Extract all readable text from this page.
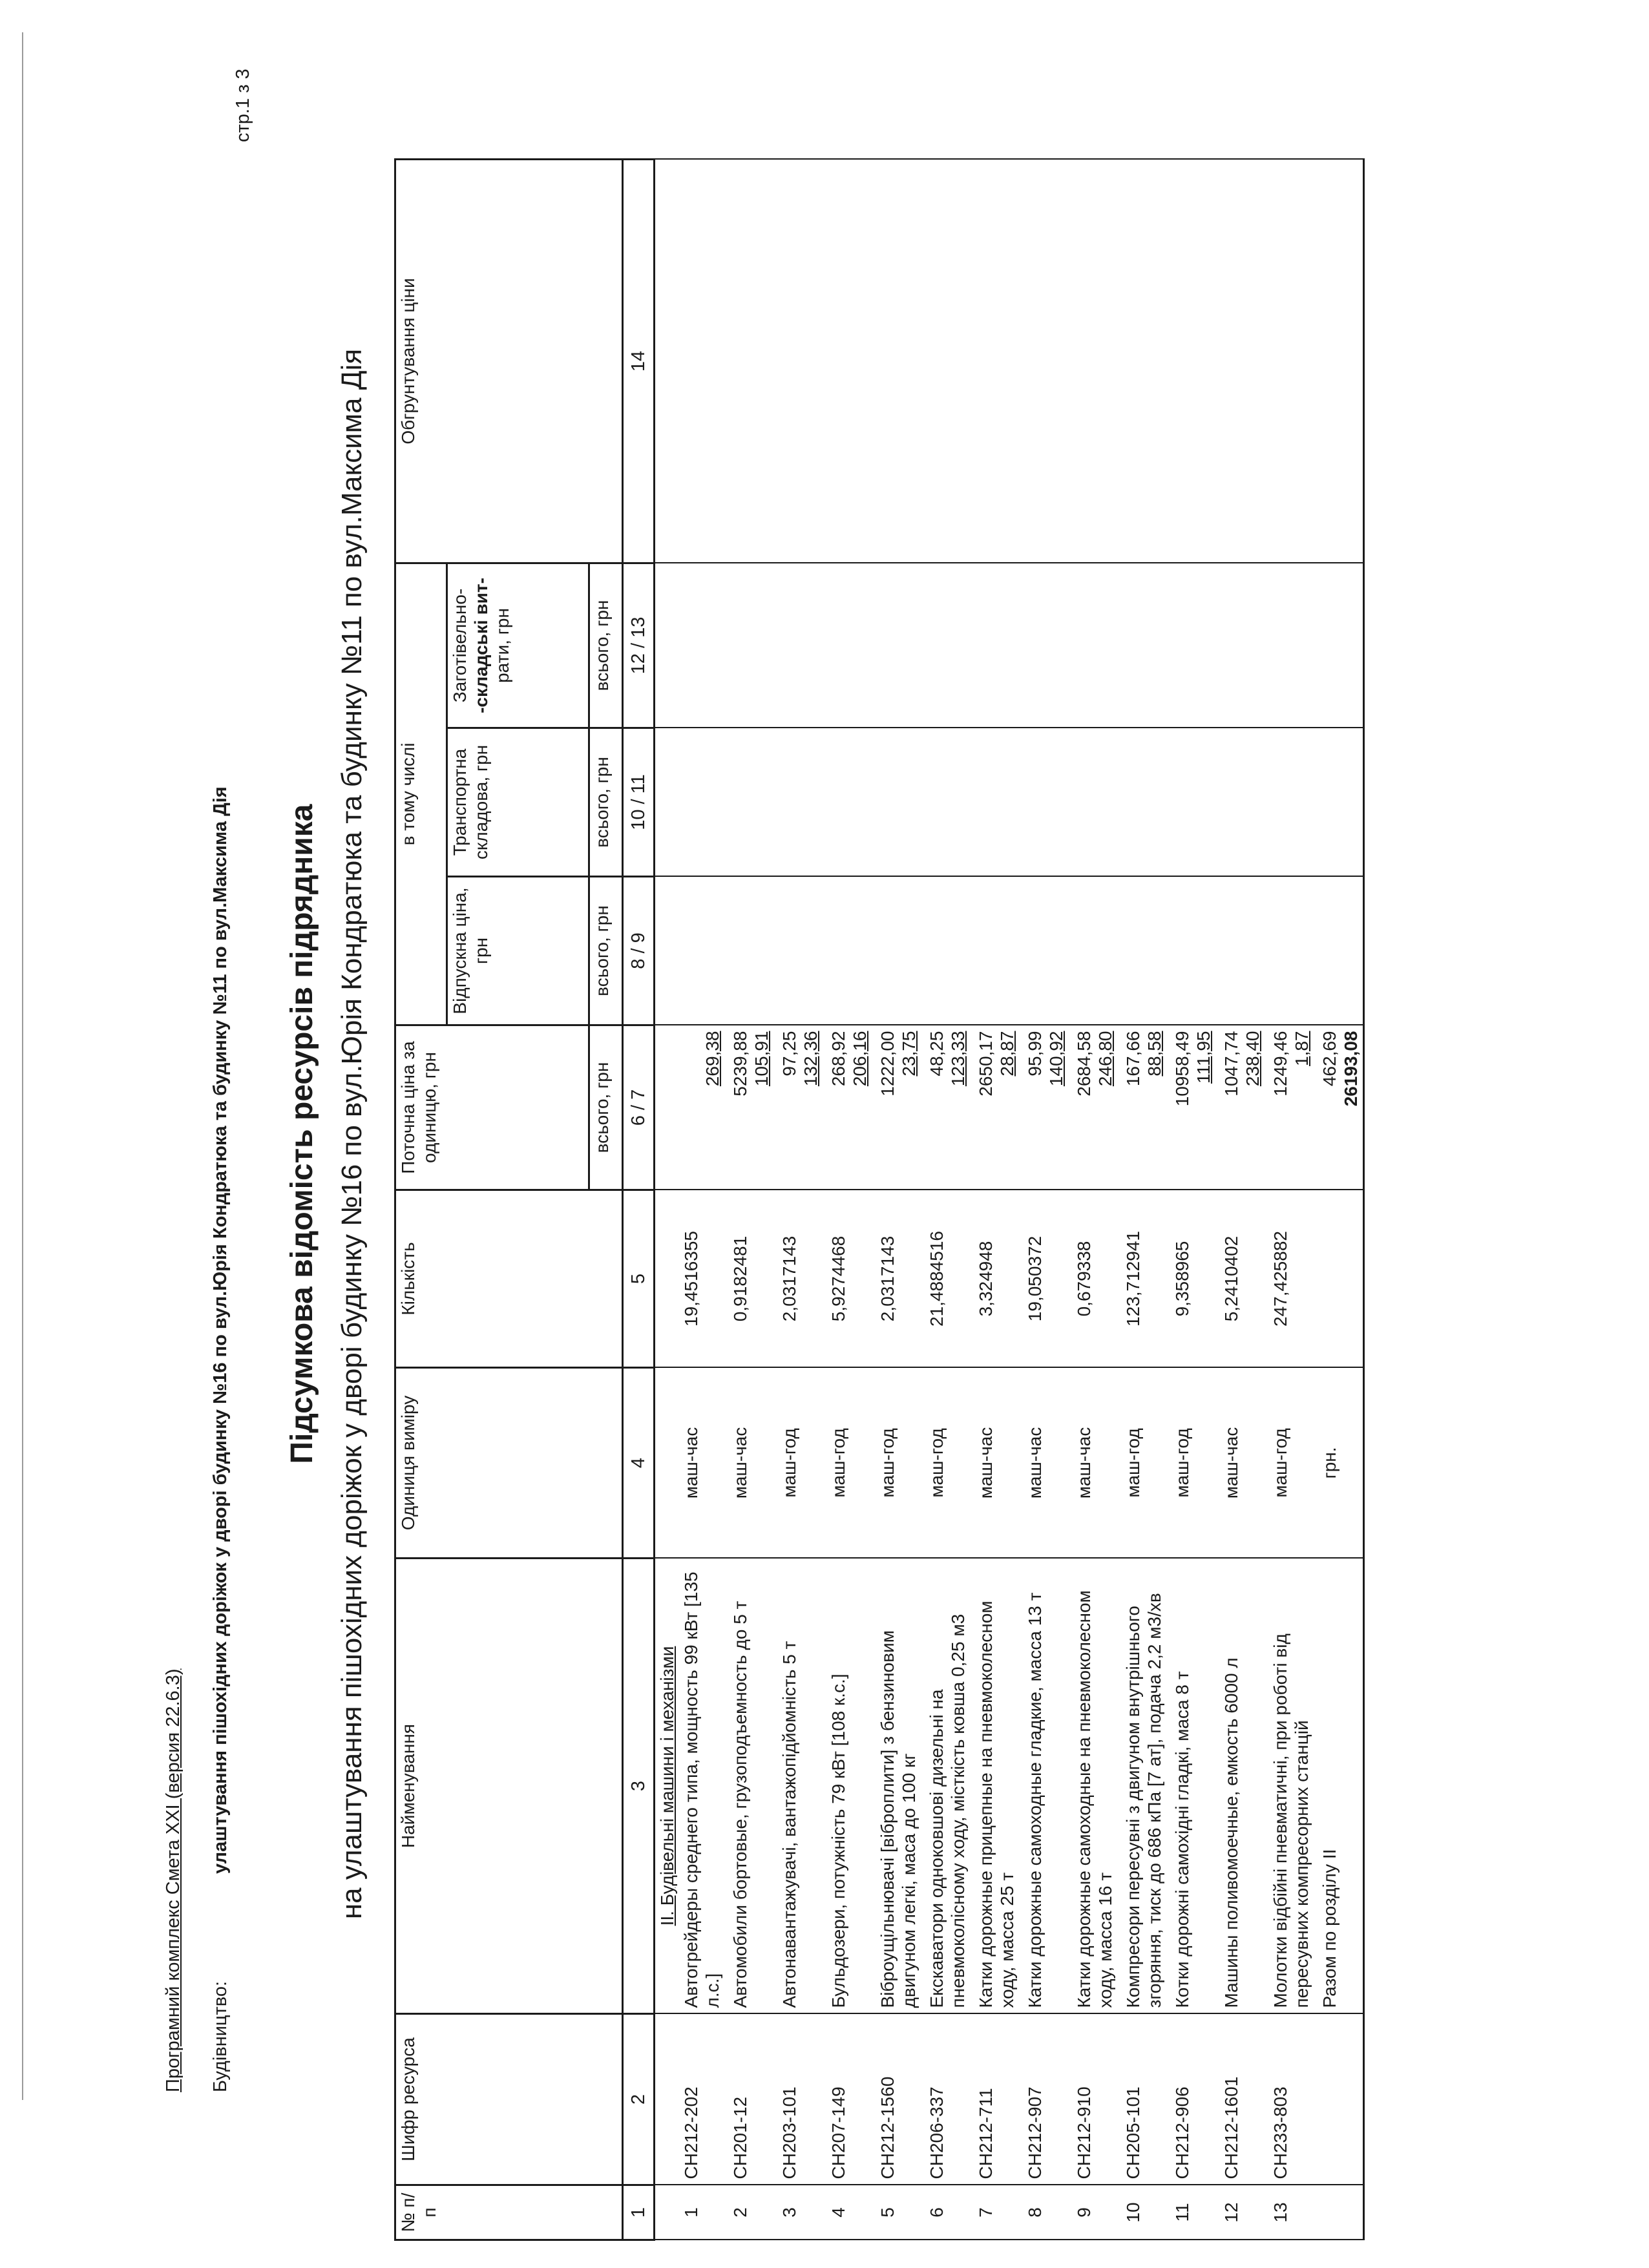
Програмний комплекс Смета ХХІ (версия 22.6.3)
стр.1 з 3
Будівництво:
улаштування пішохідних доріжок у дворі будинку №16 по вул.Юрія Кондратюка та будинку №11 по вул.Максима Дія Підсумкова відомість ресурсів підрядника на улаштування пішохідних доріжок у дворі будинку №16 по вул.Юрія Кондратюка та будинку №11 по вул.Максима Дія
№ п/п	Шифр ресурса	Найменування	Одиниця виміру	Кількість	Поточна ціна за одиницю, грн	в тому числі			Обгрунтування ціни	
						Відпускна ціна, грн	Транспортна складова, грн	Заготівельно-
-складські вит-
рати, грн		
					всього, грн	всього, грн	всього, грн	всього, грн		
1	2	3	4	5	6 / 7	8 / 9	10 / 11	12 / 13	14	
		II. Будівельні машини і механізми								
1	СН212-202	Автогрейдеры среднего типа, мощность 99 кВт [135 л.с.]	маш-час	19,4516355	269,38					

2	СН201-12	Автомобили бортовые, грузоподъемность до 5 т	маш-час	0,9182481	5239,88 105,91					

3	СН203-101	Автонавантажувачі, вантажопідйомність 5 т	маш-год	2,0317143	97,25 132,36					

4	СН207-149	Бульдозери, потужність 79 кВт [108 к.с.]	маш-год	5,9274468	268,92 206,16					

5	СН212-1560	Віброущільнювачі [віброплити] з бензиновим двигуном легкі, маса до 100 кг	маш-год	2,0317143	1222,00 23,75					

6	СН206-337	Екскаватори одноковшові дизельні на пневмоколісному ходу, місткість ковша 0,25 м3	маш-год	21,4884516	48,25 123,33					

7	СН212-711	Катки дорожные прицепные на пневмоколесном ходу, масса 25 т	маш-час	3,324948	2650,17 28,87					

8	СН212-907	Катки дорожные самоходные гладкие, масса 13 т	маш-час	19,050372	95,99 140,92					

9	СН212-910	Катки дорожные самоходные на пневмоколесном ходу, масса 16 т	маш-час	0,679338	2684,58 246,80					

10	СН205-101	Компресори пересувні з двигуном внутрішнього згоряння, тиск до 686 кПа [7 ат], подача 2,2 м3/хв	маш-год	123,712941	167,66 88,58					

11	СН212-906	Котки дорожні самохідні гладкі, маса 8 т	маш-год	9,358965	10958,49 111,95					

12	СН212-1601	Машины поливомоечные, емкость 6000 л	маш-час	5,2410402	1047,74 238,40					

13	СН233-803	Молотки відбійні пневматичні, при роботі від пересувних компресорних станцій	маш-год	247,425882	1249,46 1,87					

		Разом по розділу II	грн.		462,69 26193,08					
